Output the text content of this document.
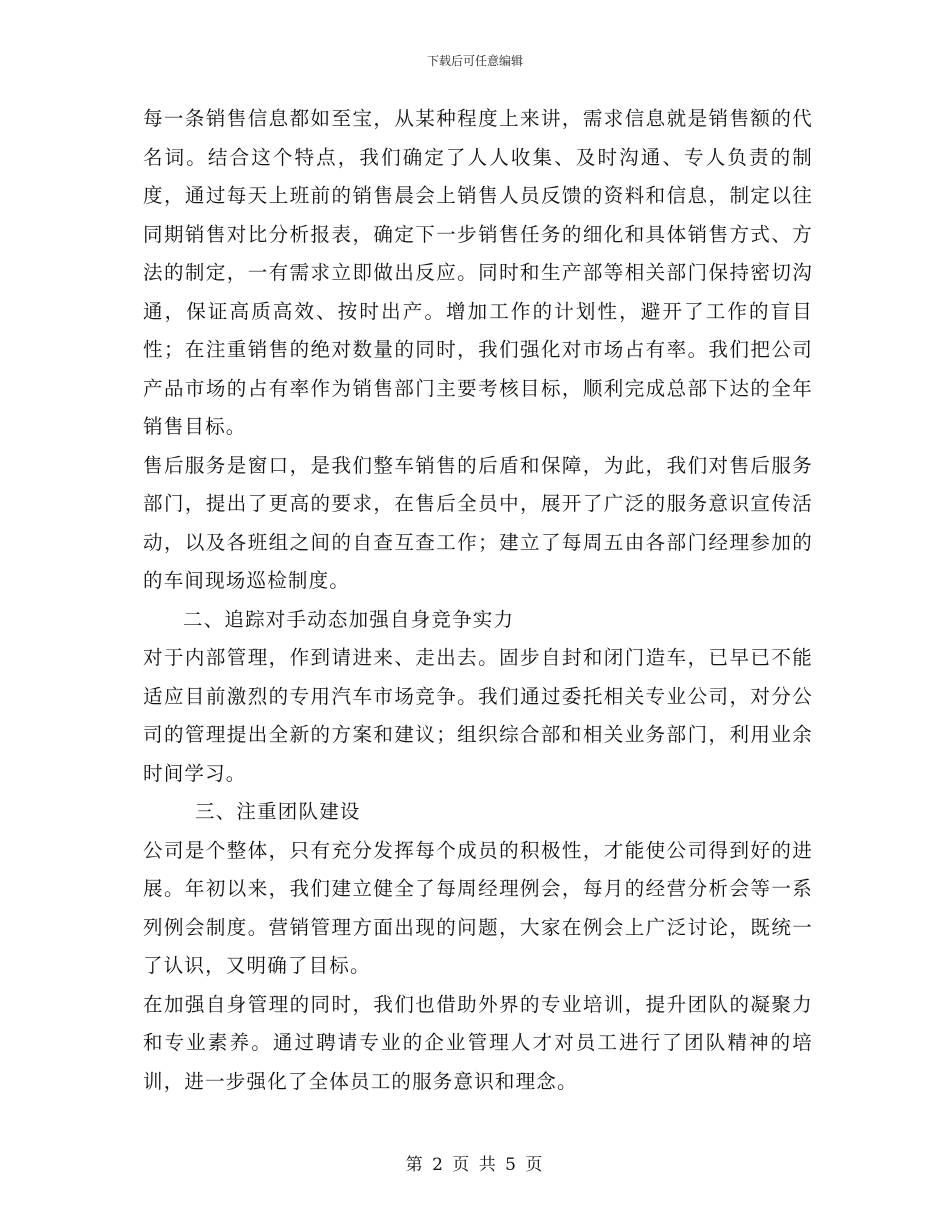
下载后可任意编辑

每一条销售信息都如至宝，从某种程度上来讲，需求信息就是销售额的代名词。结合这个特点，我们确定了人人收集、及时沟通、专人负责的制度，通过每天上班前的销售晨会上销售人员反馈的资料和信息，制定以往同期销售对比分析报表，确定下一步销售任务的细化和具体销售方式、方法的制定，一有需求立即做出反应。同时和生产部等相关部门保持密切沟通，保证高质高效、按时出产。增加工作的计划性，避开了工作的盲目性；在注重销售的绝对数量的同时，我们强化对市场占有率。我们把公司产品市场的占有率作为销售部门主要考核目标，顺利完成总部下达的全年销售目标。

售后服务是窗口，是我们整车销售的后盾和保障，为此，我们对售后服务部门，提出了更高的要求，在售后全员中，展开了广泛的服务意识宣传活动，以及各班组之间的自查互查工作；建立了每周五由各部门经理参加的的车间现场巡检制度。

二、追踪对手动态加强自身竞争实力

对于内部管理，作到请进来、走出去。固步自封和闭门造车，已早已不能适应目前激烈的专用汽车市场竞争。我们通过委托相关专业公司，对分公司的管理提出全新的方案和建议；组织综合部和相关业务部门，利用业余时间学习。

三、注重团队建设

公司是个整体，只有充分发挥每个成员的积极性，才能使公司得到好的进展。年初以来，我们建立健全了每周经理例会，每月的经营分析会等一系列例会制度。营销管理方面出现的问题，大家在例会上广泛讨论，既统一了认识，又明确了目标。

在加强自身管理的同时，我们也借助外界的专业培训，提升团队的凝聚力和专业素养。通过聘请专业的企业管理人才对员工进行了团队精神的培训，进一步强化了全体员工的服务意识和理念。

第 2 页 共 5 页
